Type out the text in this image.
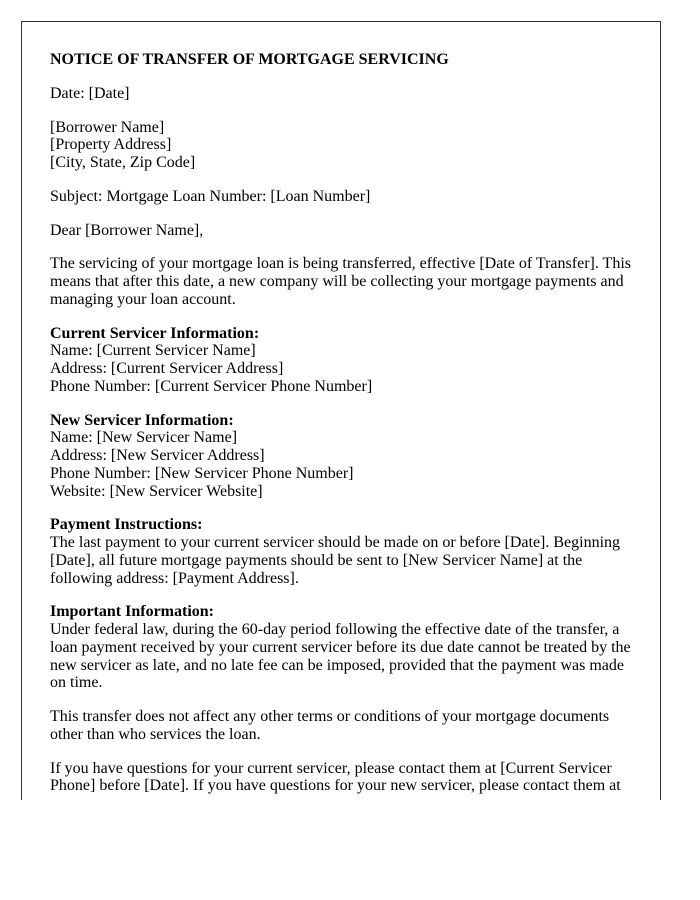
NOTICE OF TRANSFER OF MORTGAGE SERVICING

Date: [Date]

[Borrower Name]
[Property Address]
[City, State, Zip Code]

Subject: Mortgage Loan Number: [Loan Number]

Dear [Borrower Name],

The servicing of your mortgage loan is being transferred, effective [Date of Transfer]. This means that after this date, a new company will be collecting your mortgage payments and managing your loan account.

Current Servicer Information:
Name: [Current Servicer Name]
Address: [Current Servicer Address]
Phone Number: [Current Servicer Phone Number]

New Servicer Information:
Name: [New Servicer Name]
Address: [New Servicer Address]
Phone Number: [New Servicer Phone Number]
Website: [New Servicer Website]

Payment Instructions:
The last payment to your current servicer should be made on or before [Date]. Beginning [Date], all future mortgage payments should be sent to [New Servicer Name] at the following address: [Payment Address].

Important Information:
Under federal law, during the 60-day period following the effective date of the transfer, a loan payment received by your current servicer before its due date cannot be treated by the new servicer as late, and no late fee can be imposed, provided that the payment was made on time.

This transfer does not affect any other terms or conditions of your mortgage documents other than who services the loan.

If you have questions for your current servicer, please contact them at [Current Servicer Phone] before [Date]. If you have questions for your new servicer, please contact them at
